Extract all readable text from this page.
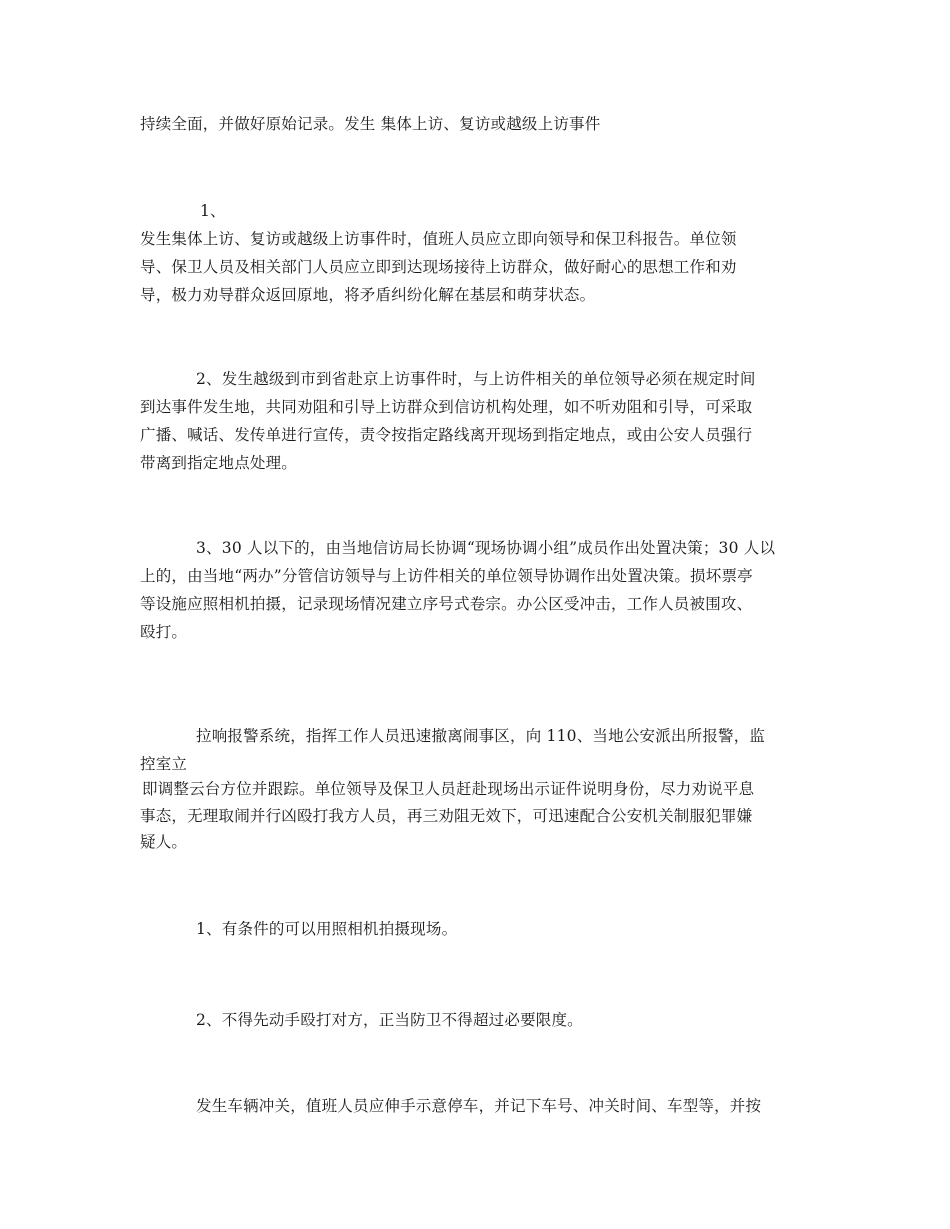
持续全面，并做好原始记录。发生 集体上访、复访或越级上访事件
1、
发生集体上访、复访或越级上访事件时，值班人员应立即向领导和保卫科报告。单位领
导、保卫人员及相关部门人员应立即到达现场接待上访群众，做好耐心的思想工作和劝
导，极力劝导群众返回原地，将矛盾纠纷化解在基层和萌芽状态。
2、发生越级到市到省赴京上访事件时，与上访件相关的单位领导必须在规定时间
到达事件发生地，共同劝阻和引导上访群众到信访机构处理，如不听劝阻和引导，可采取
广播、喊话、发传单进行宣传，责令按指定路线离开现场到指定地点，或由公安人员强行
带离到指定地点处理。
3、30 人以下的，由当地信访局长协调“现场协调小组”成员作出处置决策；30 人以
上的，由当地“两办”分管信访领导与上访件相关的单位领导协调作出处置决策。损坏票亭
等设施应照相机拍摄，记录现场情况建立序号式卷宗。办公区受冲击，工作人员被围攻、
殴打。
拉响报警系统，指挥工作人员迅速撤离闹事区，向 110、当地公安派出所报警，监
控室立
即调整云台方位并跟踪。单位领导及保卫人员赶赴现场出示证件说明身份，尽力劝说平息
事态，无理取闹并行凶殴打我方人员，再三劝阻无效下，可迅速配合公安机关制服犯罪嫌
疑人。
1、有条件的可以用照相机拍摄现场。
2、不得先动手殴打对方，正当防卫不得超过必要限度。
发生车辆冲关，值班人员应伸手示意停车，并记下车号、冲关时间、车型等，并按
